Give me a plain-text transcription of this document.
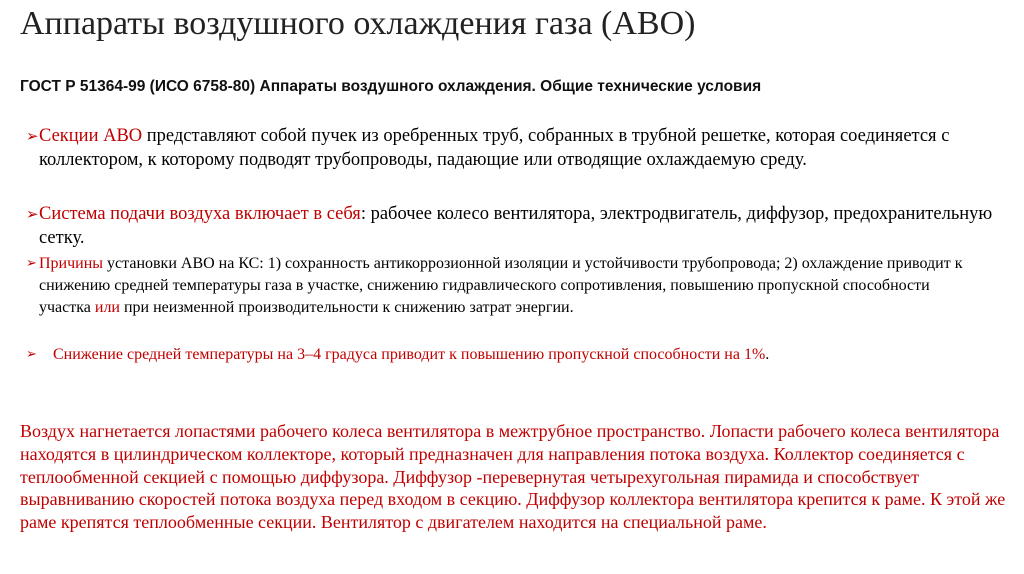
Аппараты воздушного охлаждения газа (АВО)
ГОСТ Р 51364-99 (ИСО 6758-80) Аппараты воздушного охлаждения. Общие технические условия
➢ Секции АВО представляют собой пучек из оребренных труб, собранных в трубной решетке, которая соединяется с коллектором, к которому подводят трубопроводы, падающие или отводящие охлаждаемую среду.
➢ Система подачи воздуха включает в себя: рабочее колесо вентилятора, электродвигатель, диффузор, предохранительную сетку.
➢ Причины установки АВО на КС: 1) сохранность антикоррозионной изоляции и устойчивости трубопровода; 2) охлаждение приводит к снижению средней температуры газа в участке, снижению гидравлического сопротивления, повышению пропускной способности участка или при неизменной производительности к снижению затрат энергии.
➢ Снижение средней температуры на 3–4 градуса приводит к повышению пропускной способности на 1%.
Воздух нагнетается лопастями рабочего колеса вентилятора в межтрубное пространство. Лопасти рабочего колеса вентилятора находятся в цилиндрическом коллекторе, который предназначен для направления потока воздуха. Коллектор соединяется с теплообменной секцией с помощью диффузора. Диффузор -перевернутая четырехугольная пирамида и способствует выравниванию скоростей потока воздуха перед входом в секцию. Диффузор коллектора вентилятора крепится к раме. К этой же раме крепятся теплообменные секции. Вентилятор с двигателем находится на специальной раме.
